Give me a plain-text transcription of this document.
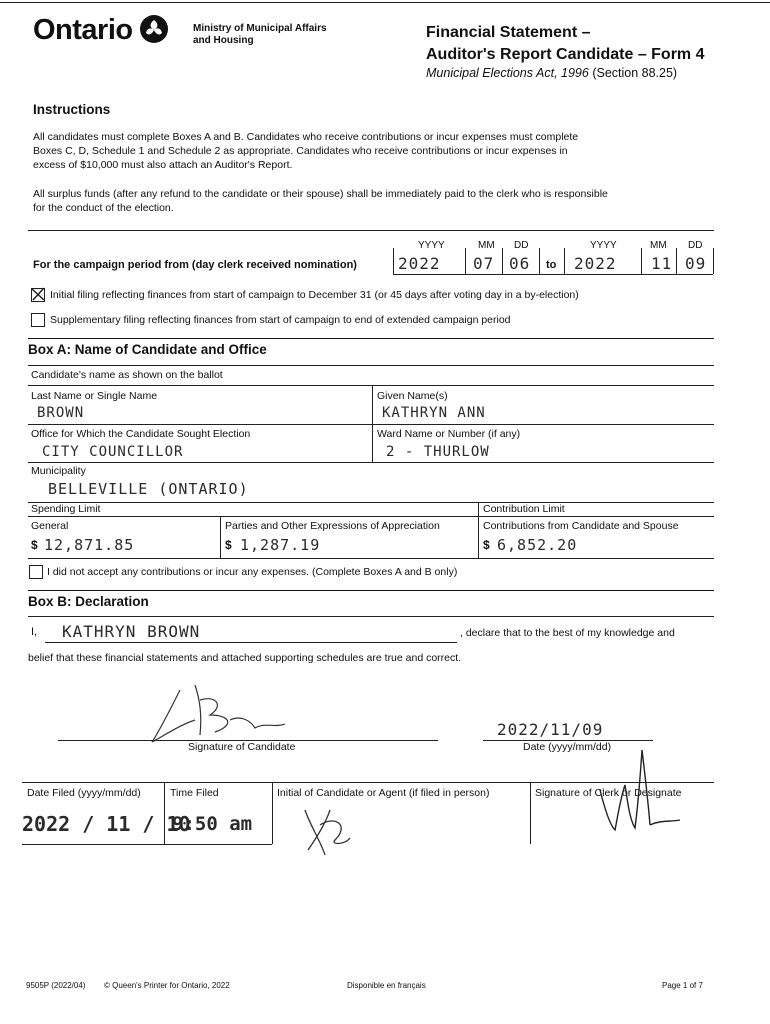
Ontario	Ministry of Municipal Affairs
and Housing	Financial Statement –
Auditor's Report Candidate – Form 4
Municipal Elections Act, 1996 (Section 88.25)
Instructions
All candidates must complete Boxes A and B. Candidates who receive contributions or incur expenses must complete
Boxes C, D, Schedule 1 and Schedule 2 as appropriate. Candidates who receive contributions or incur expenses in
excess of $10,000 must also attach an Auditor's Report.
All surplus funds (after any refund to the candidate or their spouse) shall be immediately paid to the clerk who is responsible
for the conduct of the election.
For the campaign period from (day clerk received nomination)
YYYY	MM DD	YYYY	MM DD
2022 07 06 to 2022 11 09
Initial filing reflecting finances from start of campaign to December 31 (or 45 days after voting day in a by-election)
Supplementary filing reflecting finances from start of campaign to end of extended campaign period
Box A: Name of Candidate and Office
Candidate's name as shown on the ballot
Last Name or Single Name
BROWN
Given Name(s)
KATHRYN ANN
Office for Which the Candidate Sought Election
CITY COUNCILLOR
Ward Name or Number (if any)
2 - THURLOW
Municipality
BELLEVILLE (ONTARIO)
Spending Limit	Contribution Limit
General	Parties and Other Expressions of Appreciation	Contributions from Candidate and Spouse
$ 12,871.85	$ 1,287.19	$ 6,852.20
I did not accept any contributions or incur any expenses. (Complete Boxes A and B only)
Box B: Declaration
I, KATHRYN BROWN	, declare that to the best of my knowledge and
belief that these financial statements and attached supporting schedules are true and correct.
Signature of Candidate
2022/11/09
Date (yyyy/mm/dd)
Date Filed (yyyy/mm/dd)	Time Filed	Initial of Candidate or Agent (if filed in person)	Signature of Clerk or Designate
2022 / 11 / 10
9:50 am
9505P (2022/04) © Queen's Printer for Ontario, 2022	Disponible en français	Page 1 of 7
